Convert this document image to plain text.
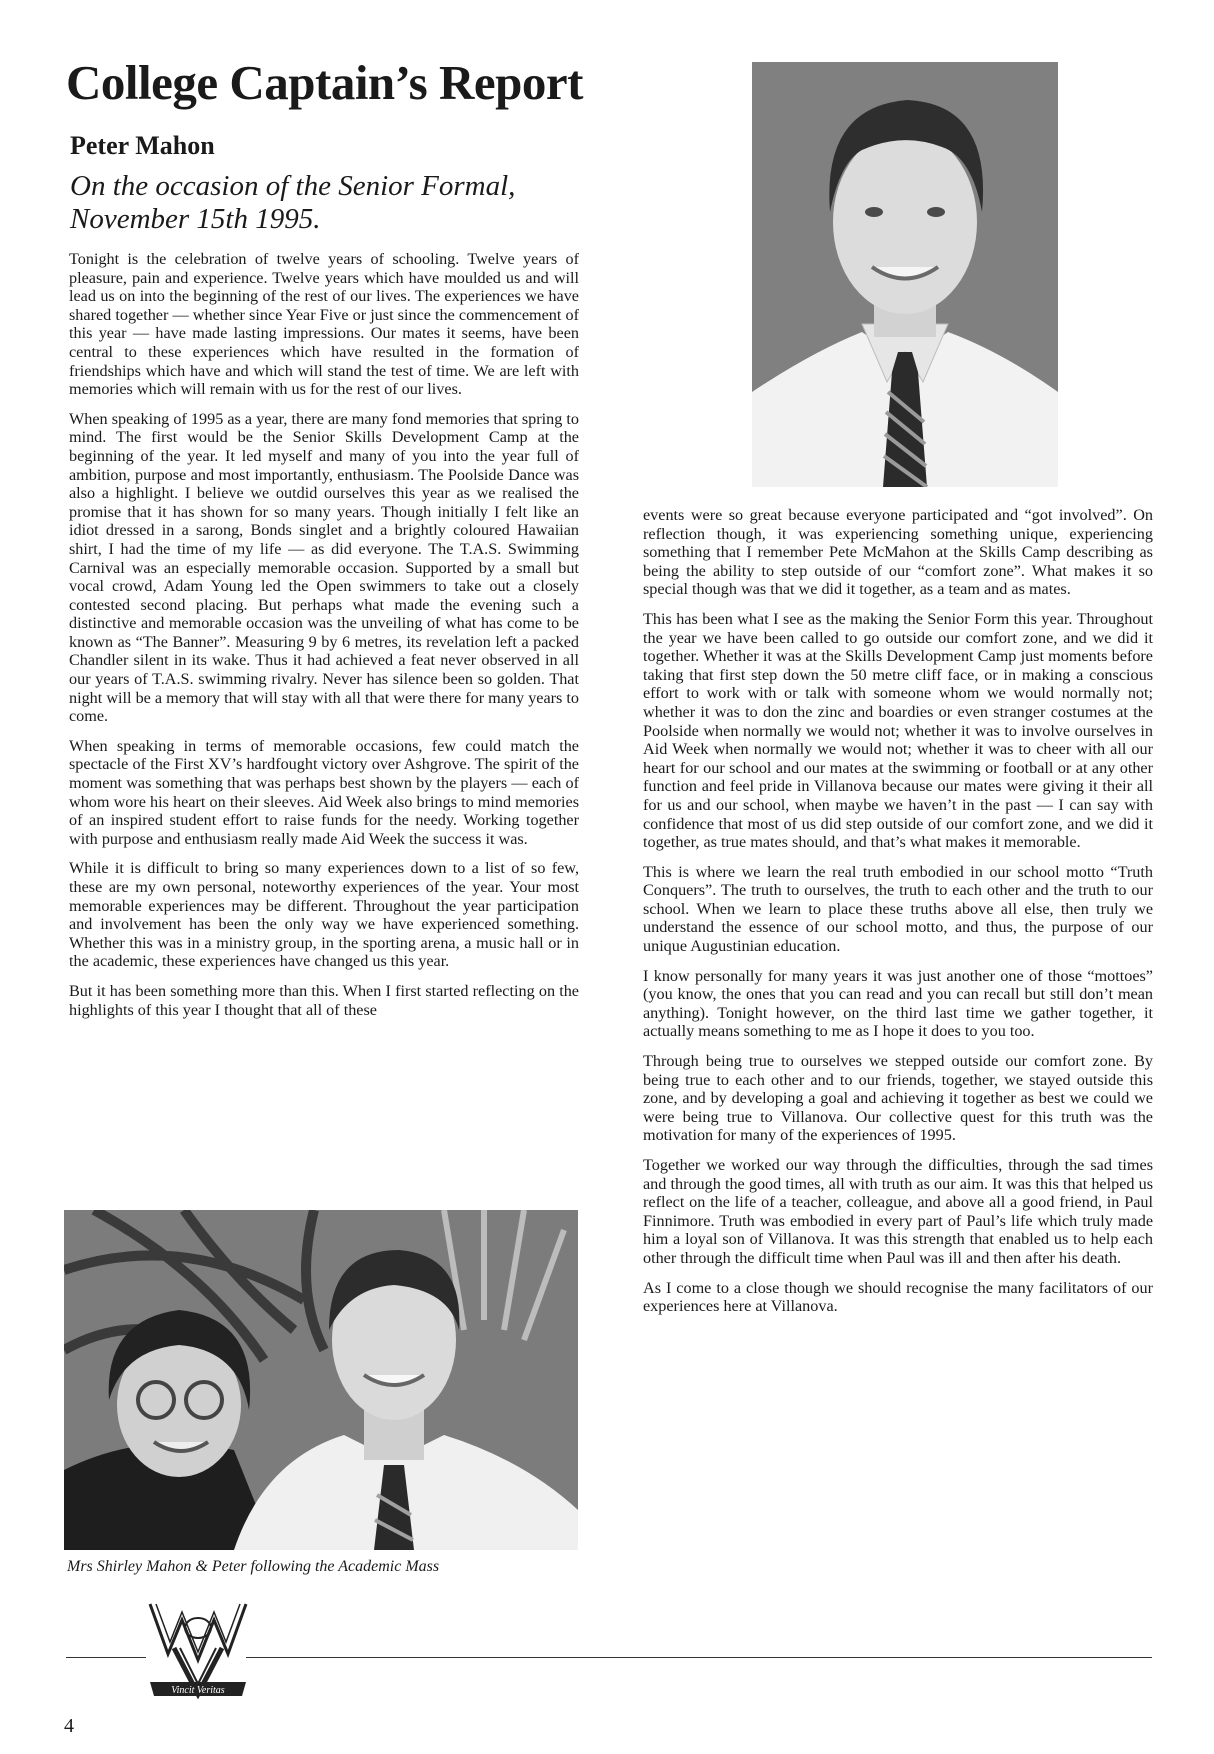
College Captain’s Report
Peter Mahon
On the occasion of the Senior Formal,
November 15th 1995.

Tonight is the celebration of twelve years of schooling. Twelve years of pleasure, pain and experience. Twelve years which have moulded us and will lead us on into the beginning of the rest of our lives. The experiences we have shared together — whether since Year Five or just since the commencement of this year — have made lasting impressions. Our mates it seems, have been central to these experiences which have resulted in the formation of friendships which have and which will stand the test of time. We are left with memories which will remain with us for the rest of our lives.

When speaking of 1995 as a year, there are many fond memories that spring to mind. The first would be the Senior Skills Development Camp at the beginning of the year. It led myself and many of you into the year full of ambition, purpose and most importantly, enthusiasm. The Poolside Dance was also a highlight. I believe we outdid ourselves this year as we realised the promise that it has shown for so many years. Though initially I felt like an idiot dressed in a sarong, Bonds singlet and a brightly coloured Hawaiian shirt, I had the time of my life — as did everyone. The T.A.S. Swimming Carnival was an especially memorable occasion. Supported by a small but vocal crowd, Adam Young led the Open swimmers to take out a closely contested second placing. But perhaps what made the evening such a distinctive and memorable occasion was the unveiling of what has come to be known as “The Banner”. Measuring 9 by 6 metres, its revelation left a packed Chandler silent in its wake. Thus it had achieved a feat never observed in all our years of T.A.S. swimming rivalry. Never has silence been so golden. That night will be a memory that will stay with all that were there for many years to come.

When speaking in terms of memorable occasions, few could match the spectacle of the First XV’s hardfought victory over Ashgrove. The spirit of the moment was something that was perhaps best shown by the players — each of whom wore his heart on their sleeves. Aid Week also brings to mind memories of an inspired student effort to raise funds for the needy. Working together with purpose and enthusiasm really made Aid Week the success it was.

While it is difficult to bring so many experiences down to a list of so few, these are my own personal, noteworthy experiences of the year. Your most memorable experiences may be different. Throughout the year participation and involvement has been the only way we have experienced something. Whether this was in a ministry group, in the sporting arena, a music hall or in the academic, these experiences have changed us this year.

But it has been something more than this. When I first started reflecting on the highlights of this year I thought that all of these

events were so great because everyone participated and “got involved”. On reflection though, it was experiencing something unique, experiencing something that I remember Pete McMahon at the Skills Camp describing as being the ability to step outside of our “comfort zone”. What makes it so special though was that we did it together, as a team and as mates.

This has been what I see as the making the Senior Form this year. Throughout the year we have been called to go outside our comfort zone, and we did it together. Whether it was at the Skills Development Camp just moments before taking that first step down the 50 metre cliff face, or in making a conscious effort to work with or talk with someone whom we would normally not; whether it was to don the zinc and boardies or even stranger costumes at the Poolside when normally we would not; whether it was to involve ourselves in Aid Week when normally we would not; whether it was to cheer with all our heart for our school and our mates at the swimming or football or at any other function and feel pride in Villanova because our mates were giving it their all for us and our school, when maybe we haven’t in the past — I can say with confidence that most of us did step outside of our comfort zone, and we did it together, as true mates should, and that’s what makes it memorable.

This is where we learn the real truth embodied in our school motto “Truth Conquers”. The truth to ourselves, the truth to each other and the truth to our school. When we learn to place these truths above all else, then truly we understand the essence of our school motto, and thus, the purpose of our unique Augustinian education.

I know personally for many years it was just another one of those “mottoes” (you know, the ones that you can read and you can recall but still don’t mean anything). Tonight however, on the third last time we gather together, it actually means something to me as I hope it does to you too.

Through being true to ourselves we stepped outside our comfort zone. By being true to each other and to our friends, together, we stayed outside this zone, and by developing a goal and achieving it together as best we could we were being true to Villanova. Our collective quest for this truth was the motivation for many of the experiences of 1995.

Together we worked our way through the difficulties, through the sad times and through the good times, all with truth as our aim. It was this that helped us reflect on the life of a teacher, colleague, and above all a good friend, in Paul Finnimore. Truth was embodied in every part of Paul’s life which truly made him a loyal son of Villanova. It was this strength that enabled us to help each other through the difficult time when Paul was ill and then after his death.

As I come to a close though we should recognise the many facilitators of our experiences here at Villanova.

Mrs Shirley Mahon & Peter following the Academic Mass
Vincit Veritas
4
